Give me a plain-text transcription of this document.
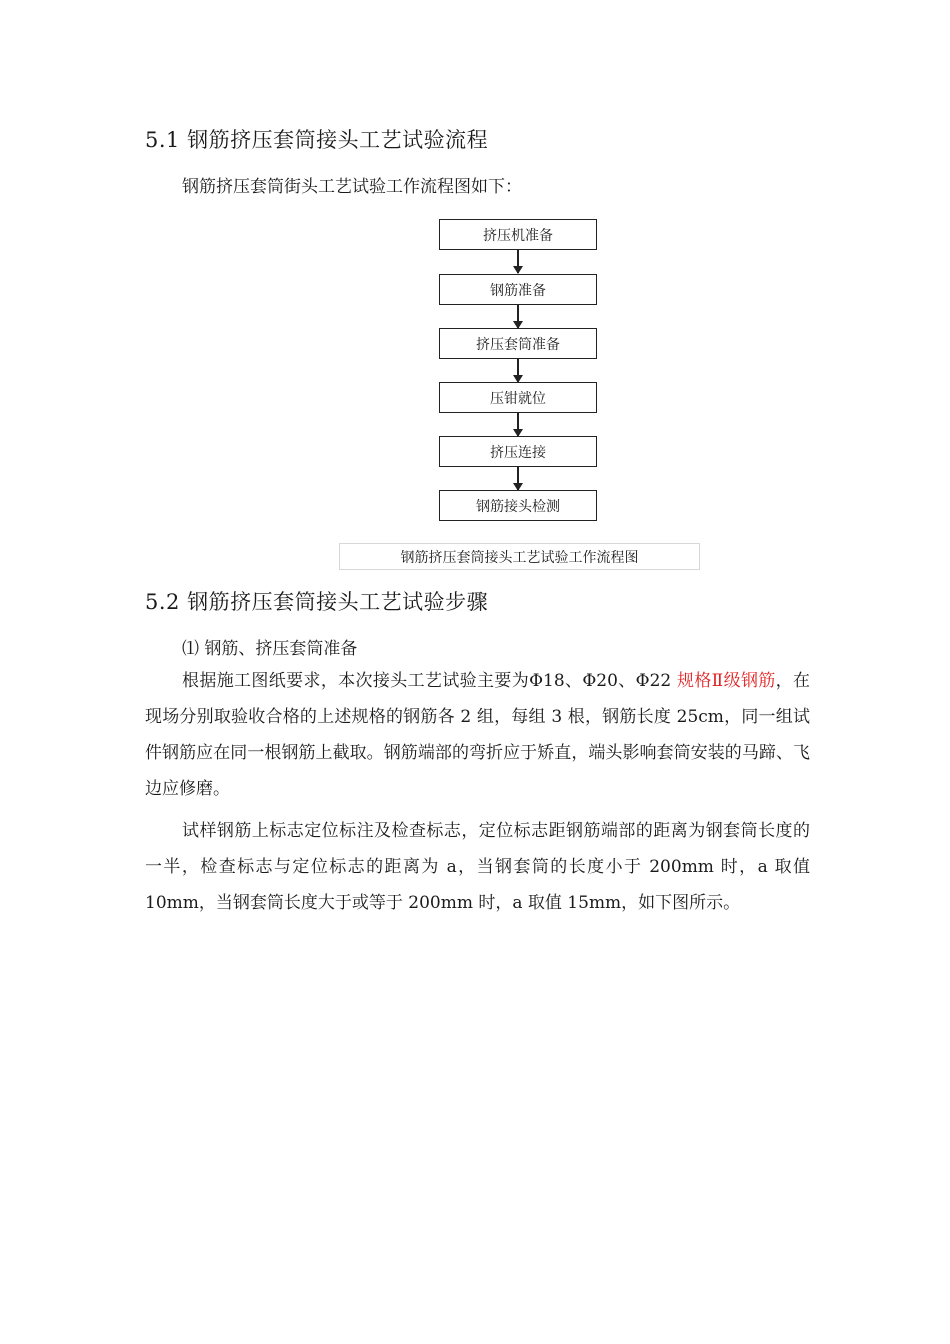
5.1 钢筋挤压套筒接头工艺试验流程
钢筋挤压套筒街头工艺试验工作流程图如下：
挤压机准备
钢筋准备
挤压套筒准备
压钳就位
挤压连接
钢筋接头检测
钢筋挤压套筒接头工艺试验工作流程图
5.2 钢筋挤压套筒接头工艺试验步骤
⑴ 钢筋、挤压套筒准备
根据施工图纸要求，本次接头工艺试验主要为Φ18、Φ20、Φ22 规格Ⅱ级钢筋，在现场分别取验收合格的上述规格的钢筋各 2 组，每组 3 根，钢筋长度 25cm，同一组试件钢筋应在同一根钢筋上截取。钢筋端部的弯折应于矫直，端头影响套筒安装的马蹄、飞边应修磨。
试样钢筋上标志定位标注及检查标志，定位标志距钢筋端部的距离为钢套筒长度的一半，检查标志与定位标志的距离为 a，当钢套筒的长度小于 200mm 时，a 取值 10mm，当钢套筒长度大于或等于 200mm 时，a 取值 15mm，如下图所示。
